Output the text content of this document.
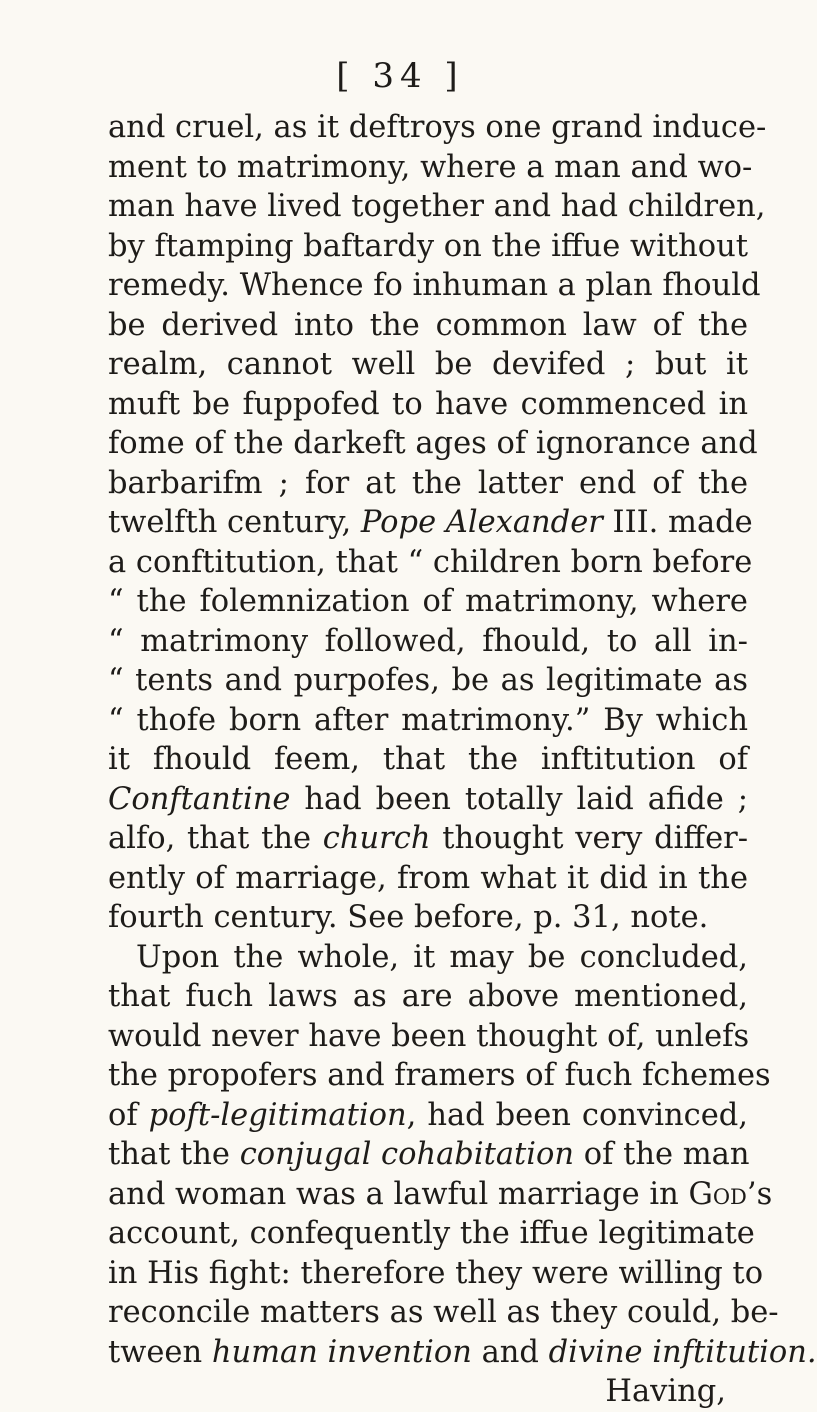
[ 34 ]
and cruel, as it deftroys one grand induce-
ment to matrimony, where a man and wo-
man have lived together and had children,
by ftamping baftardy on the iffue without
remedy. Whence fo inhuman a plan fhould
be derived into the common law of the
realm, cannot well be devifed ; but it
muft be fuppofed to have commenced in
fome of the darkeft ages of ignorance and
barbarifm ; for at the latter end of the
twelfth century, Pope Alexander III. made
a conftitution, that “ children born before
“ the folemnization of matrimony, where
“ matrimony followed, fhould, to all in-
“ tents and purpofes, be as legitimate as
“ thofe born after matrimony.” By which
it fhould feem, that the inftitution of
Conftantine had been totally laid afide ;
alfo, that the church thought very differ-
ently of marriage, from what it did in the
fourth century. See before, p. 31, note.
Upon the whole, it may be concluded,
that fuch laws as are above mentioned,
would never have been thought of, unlefs
the propofers and framers of fuch fchemes
of poft-legitimation, had been convinced,
that the conjugal cohabitation of the man
and woman was a lawful marriage in God’s
account, confequently the iffue legitimate
in His fight: therefore they were willing to
reconcile matters as well as they could, be-
tween human invention and divine inftitution.
Having,
